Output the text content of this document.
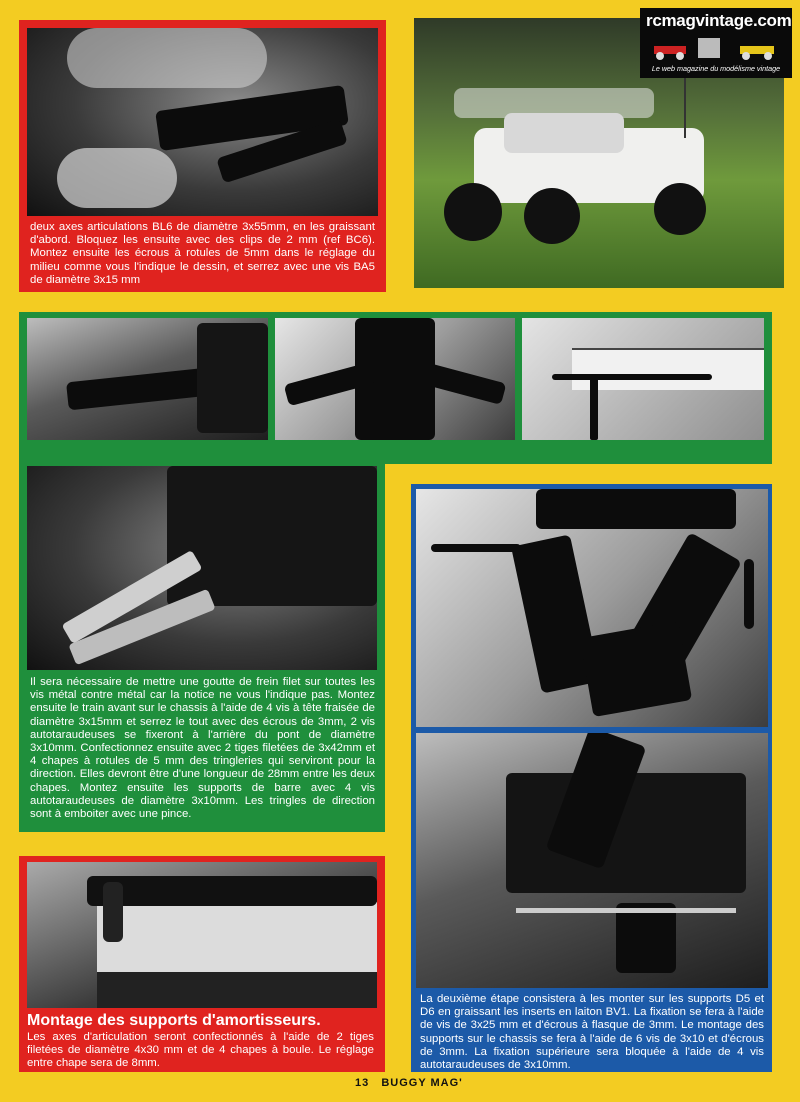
deux axes articulations BL6 de diamètre 3x55mm, en les graissant d'abord. Bloquez les ensuite avec des clips de 2 mm (ref BC6). Montez ensuite les écrous à rotules de 5mm dans le réglage du milieu comme vous l'indique le dessin, et serrez avec une vis BA5 de diamètre 3x15 mm
rcmagvintage.com
Le web magazine du modélisme vintage
Il sera nécessaire de mettre une goutte de frein filet sur toutes les vis métal contre métal car la notice ne vous l'indique pas. Montez ensuite le train avant sur le chassis à l'aide de 4 vis à tête fraisée de diamètre 3x15mm et serrez le tout avec des écrous de 3mm, 2 vis autotaraudeuses se fixeront à l'arrière du pont de diamètre 3x10mm. Confectionnez ensuite avec 2 tiges filetées de 3x42mm et 4 chapes à rotules de 5 mm des tringleries qui serviront pour la direction. Elles devront être d'une longueur de 28mm entre les deux chapes. Montez ensuite les supports de barre avec 4 vis autotaraudeuses de diamètre 3x10mm. Les tringles de direction sont à emboiter avec une pince.
La deuxième étape consistera à les monter sur les supports D5 et D6 en graissant les inserts en laiton BV1. La fixation se fera à l'aide de vis de 3x25 mm et d'écrous à flasque de 3mm. Le montage des supports sur le chassis se fera à l'aide de 6 vis de 3x10 et d'écrous de 3mm. La fixation supérieure sera bloquée à l'aide de 4 vis autotaraudeuses de 3x10mm.
Montage des supports d'amortisseurs.
Les axes d'articulation seront confectionnés à l'aide de 2 tiges filetées de diamètre 4x30 mm et de 4 chapes à boule. Le réglage entre chape sera de 8mm.
13 BUGGY MAG'
